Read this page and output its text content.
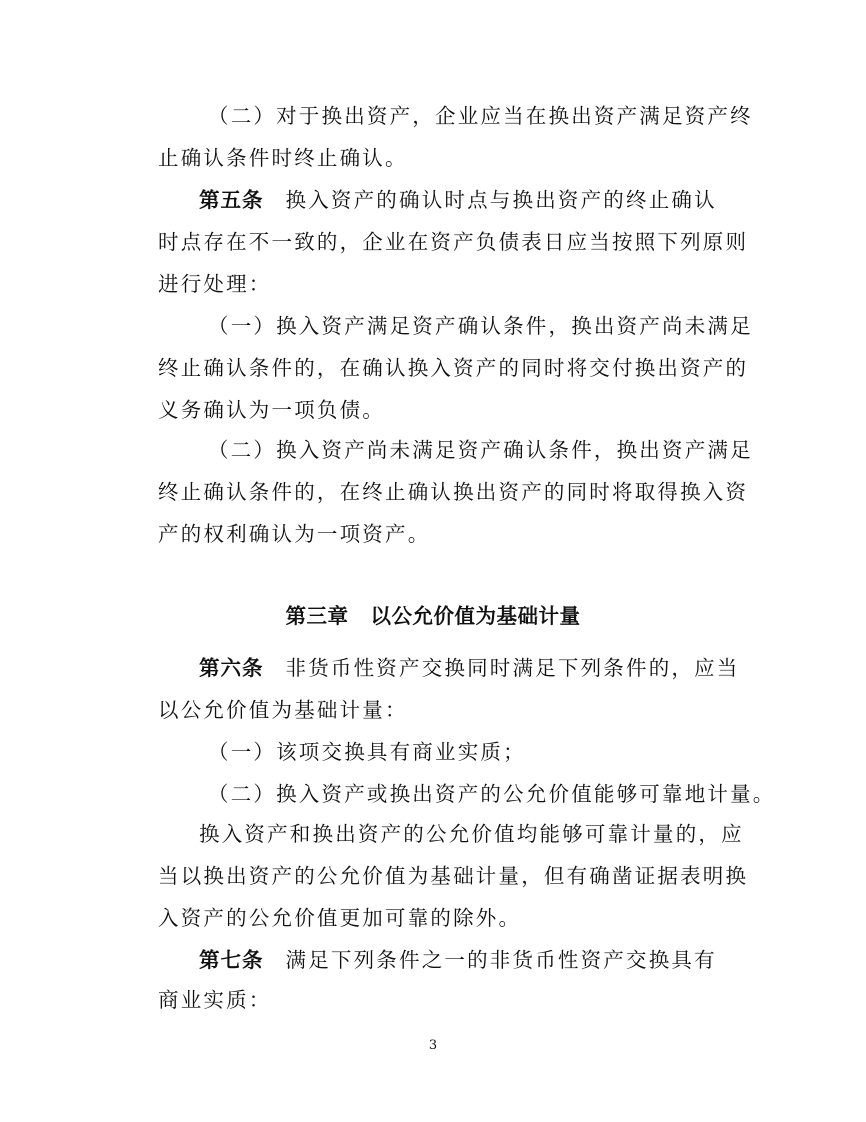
（二）对于换出资产，企业应当在换出资产满足资产终
止确认条件时终止确认。
第五条 换入资产的确认时点与换出资产的终止确认
时点存在不一致的，企业在资产负债表日应当按照下列原则
进行处理：
（一）换入资产满足资产确认条件，换出资产尚未满足
终止确认条件的，在确认换入资产的同时将交付换出资产的
义务确认为一项负债。
（二）换入资产尚未满足资产确认条件，换出资产满足
终止确认条件的，在终止确认换出资产的同时将取得换入资
产的权利确认为一项资产。
第三章 以公允价值为基础计量
第六条 非货币性资产交换同时满足下列条件的，应当
以公允价值为基础计量：
（一）该项交换具有商业实质；
（二）换入资产或换出资产的公允价值能够可靠地计量。
换入资产和换出资产的公允价值均能够可靠计量的，应
当以换出资产的公允价值为基础计量，但有确凿证据表明换
入资产的公允价值更加可靠的除外。
第七条 满足下列条件之一的非货币性资产交换具有
商业实质：
3
